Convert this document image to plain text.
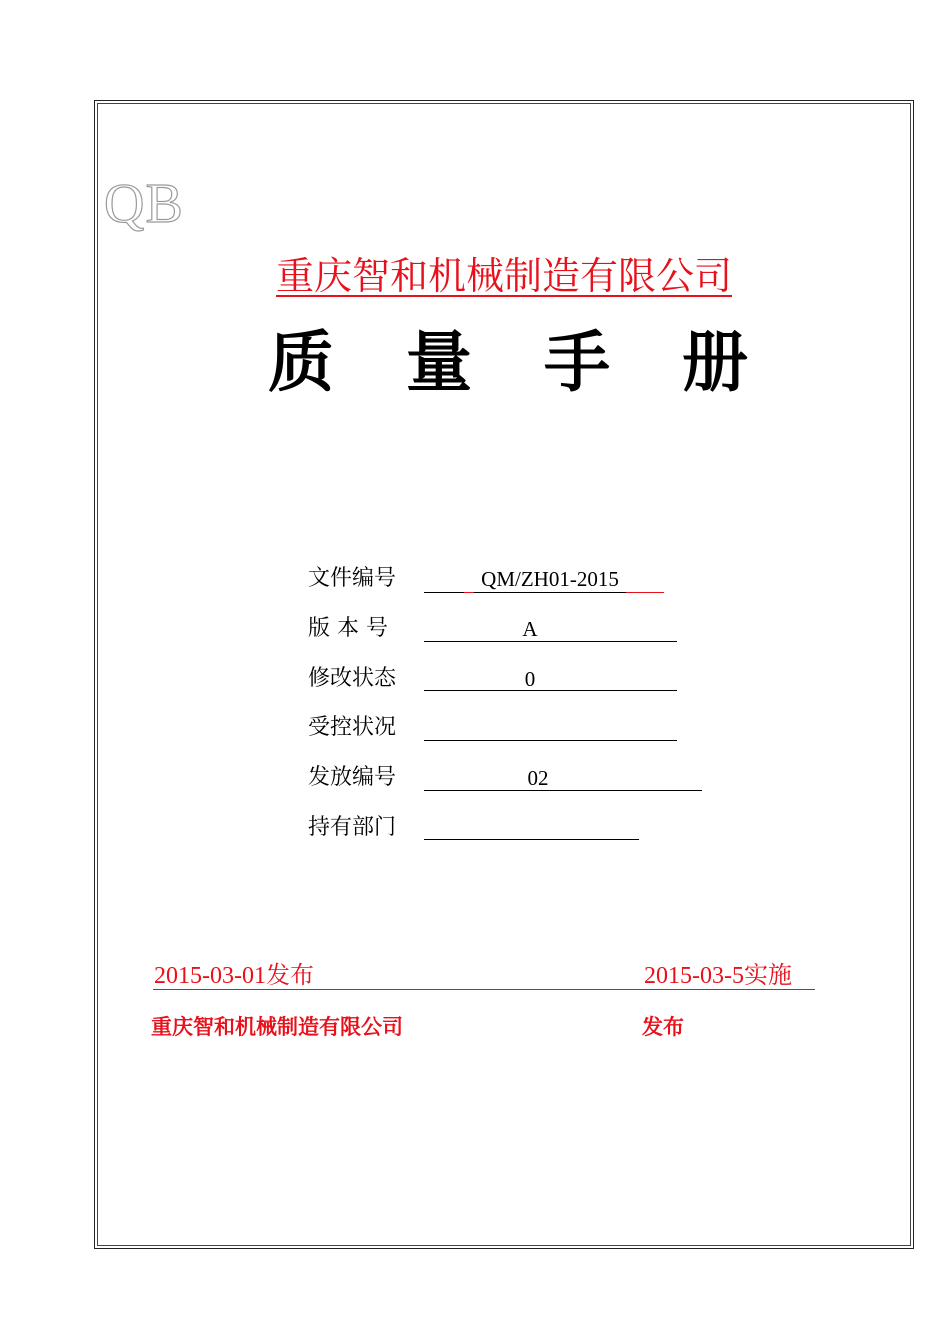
QB
重庆智和机械制造有限公司
质 量 手 册
文件编号	QM/ZH01-2015
版 本 号	A
修改状态	0
受控状况
发放编号	02
持有部门
2015-03-01发布	2015-03-5实施
重庆智和机械制造有限公司	发布
